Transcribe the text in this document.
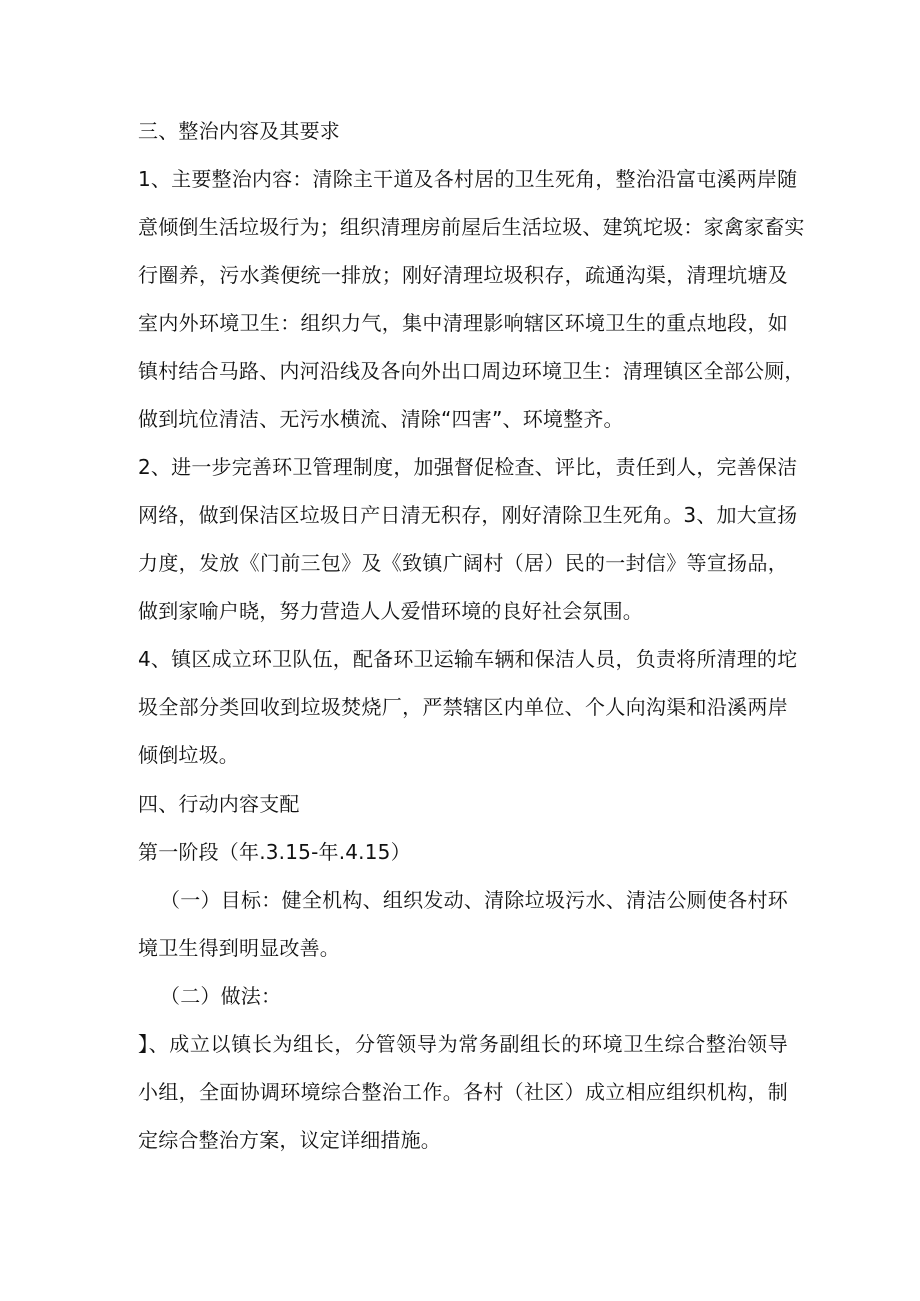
三、整治内容及其要求
1、主要整治内容：清除主干道及各村居的卫生死角，整治沿富屯溪两岸随
意倾倒生活垃圾行为；组织清理房前屋后生活垃圾、建筑坨圾：家禽家畜实
行圈养，污水粪便统一排放；刚好清理垃圾积存，疏通沟渠，清理坑塘及
室内外环境卫生：组织力气，集中清理影响辖区环境卫生的重点地段，如
镇村结合马路、内河沿线及各向外出口周边环境卫生：清理镇区全部公厕，
做到坑位清洁、无污水横流、清除“四害”、环境整齐。
2、进一步完善环卫管理制度，加强督促检查、评比，责任到人，完善保洁
网络，做到保洁区垃圾日产日清无积存，刚好清除卫生死角。3、加大宣扬
力度，发放《门前三包》及《致镇广阔村（居）民的一封信》等宣扬品，
做到家喻户晓，努力营造人人爱惜环境的良好社会氛围。
4、镇区成立环卫队伍，配备环卫运输车辆和保洁人员，负责将所清理的坨
圾全部分类回收到垃圾焚烧厂，严禁辖区内单位、个人向沟渠和沿溪两岸
倾倒垃圾。
四、行动内容支配
第一阶段（年.3.15-年.4.15）
（一）目标：健全机构、组织发动、清除垃圾污水、清洁公厕使各村环
境卫生得到明显改善。
（二）做法：
】、成立以镇长为组长，分管领导为常务副组长的环境卫生综合整治领导
小组，全面协调环境综合整治工作。各村（社区）成立相应组织机构，制
定综合整治方案，议定详细措施。
